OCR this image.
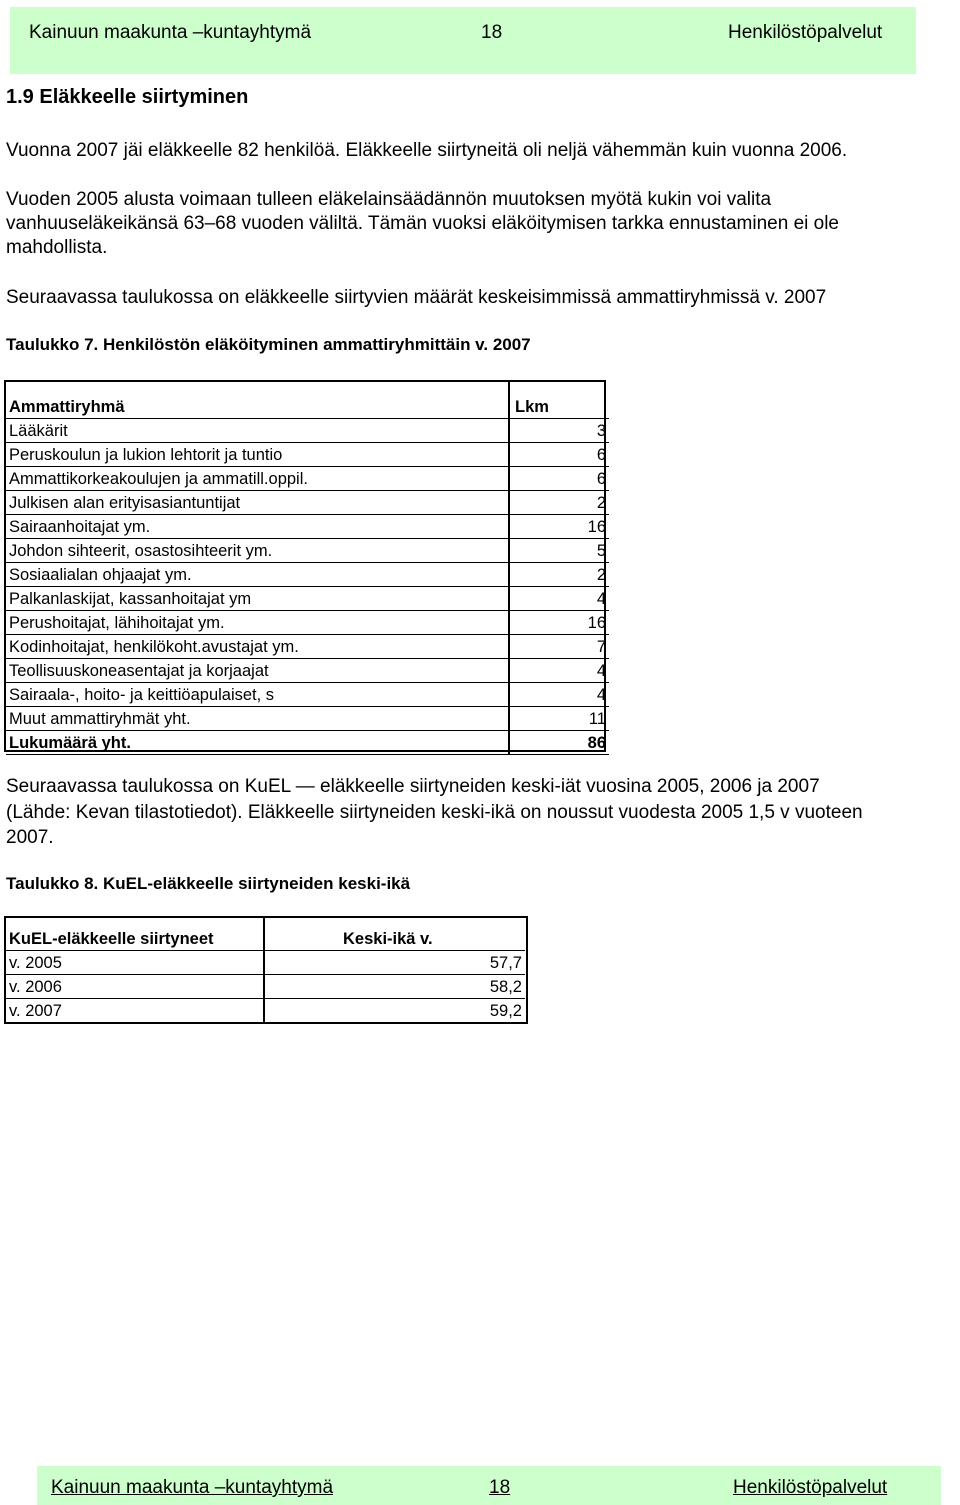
Kainuun maakunta –kuntayhtymä	18	Henkilöstöpalvelut
1.9 Eläkkeelle siirtyminen
Vuonna 2007 jäi eläkkeelle 82 henkilöä. Eläkkeelle siirtyneitä oli neljä vähemmän kuin vuonna 2006.
Vuoden 2005 alusta voimaan tulleen eläkelainsäädännön muutoksen myötä kukin voi valita
vanhuuseläkeikänsä 63–68 vuoden väliltä. Tämän vuoksi eläköitymisen tarkka ennustaminen ei ole
mahdollista.
Seuraavassa taulukossa on eläkkeelle siirtyvien määrät keskeisimmissä ammattiryhmissä v. 2007
Taulukko 7. Henkilöstön eläköityminen ammattiryhmittäin v. 2007
Ammattiryhmä	Lkm
Lääkärit	3
Peruskoulun ja lukion lehtorit ja tuntio	6
Ammattikorkeakoulujen ja ammatill.oppil.	6
Julkisen alan erityisasiantuntijat	2
Sairaanhoitajat ym.	16
Johdon sihteerit, osastosihteerit ym.	5
Sosiaalialan ohjaajat ym.	2
Palkanlaskijat, kassanhoitajat ym	4
Perushoitajat, lähihoitajat ym.	16
Kodinhoitajat, henkilökoht.avustajat ym.	7
Teollisuuskoneasentajat ja korjaajat	4
Sairaala-, hoito- ja keittiöapulaiset, s	4
Muut ammattiryhmät yht.	11
Lukumäärä yht.	86
Seuraavassa taulukossa on KuEL — eläkkeelle siirtyneiden keski-iät vuosina 2005, 2006 ja 2007
(Lähde: Kevan tilastotiedot). Eläkkeelle siirtyneiden keski-ikä on noussut vuodesta 2005 1,5 v vuoteen
2007.
Taulukko 8. KuEL-eläkkeelle siirtyneiden keski-ikä
KuEL-eläkkeelle siirtyneet	Keski-ikä v.
v. 2005	57,7
v. 2006	58,2
v. 2007	59,2
Kainuun maakunta –kuntayhtymä	18	Henkilöstöpalvelut
